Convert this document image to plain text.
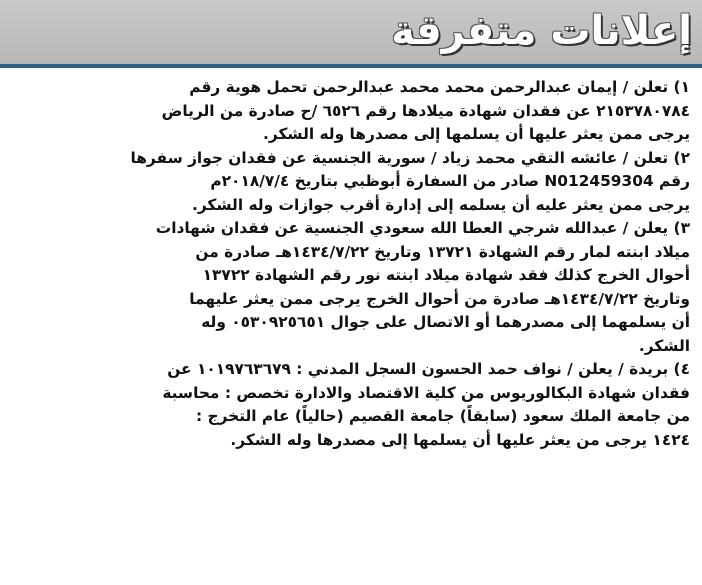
إعلانات متفرقة

١) تعلن / إيمان عبدالرحمن محمد محمد عبدالرحمن تحمل هوية رقم
٢١٥٣٧٨٠٧٨٤ عن فقدان شهادة ميلادها رقم ٦٥٢٦ /ح صادرة من الرياض
يرجى ممن يعثر عليها أن يسلمها إلى مصدرها وله الشكر.

٢) تعلن / عائشه التقي محمد زياد / سورية الجنسية عن فقدان جواز سفرها
رقم N012459304 صادر من السفارة أبوظبي بتاريخ ٢٠١٨/٧/٤م
يرجى ممن يعثر عليه أن يسلمه إلى إدارة أقرب جوازات وله الشكر.

٣) يعلن / عبدالله شرجي العطا الله سعودي الجنسية عن فقدان شهادات
ميلاد ابنته لمار رقم الشهادة ١٣٧٢١ وتاريخ ١٤٣٤/٧/٢٢هـ صادرة من
أحوال الخرج كذلك فقد شهادة ميلاد ابنته نور رقم الشهادة ١٣٧٢٢
وتاريخ ١٤٣٤/٧/٢٢هـ صادرة من أحوال الخرج يرجى ممن يعثر عليهما
أن يسلمهما إلى مصدرهما أو الاتصال على جوال ٠٥٣٠٩٢٥٦٥١ وله
الشكر.

٤) بريدة / يعلن / نواف حمد الحسون السجل المدني : ١٠١٩٧٦٣٦٧٩ عن
فقدان شهادة البكالوريوس من كلية الاقتصاد والادارة تخصص : محاسبة
من جامعة الملك سعود (سابقاً) جامعة القصيم (حالياً) عام التخرج :
١٤٢٤ يرجى من يعثر عليها أن يسلمها إلى مصدرها وله الشكر.
